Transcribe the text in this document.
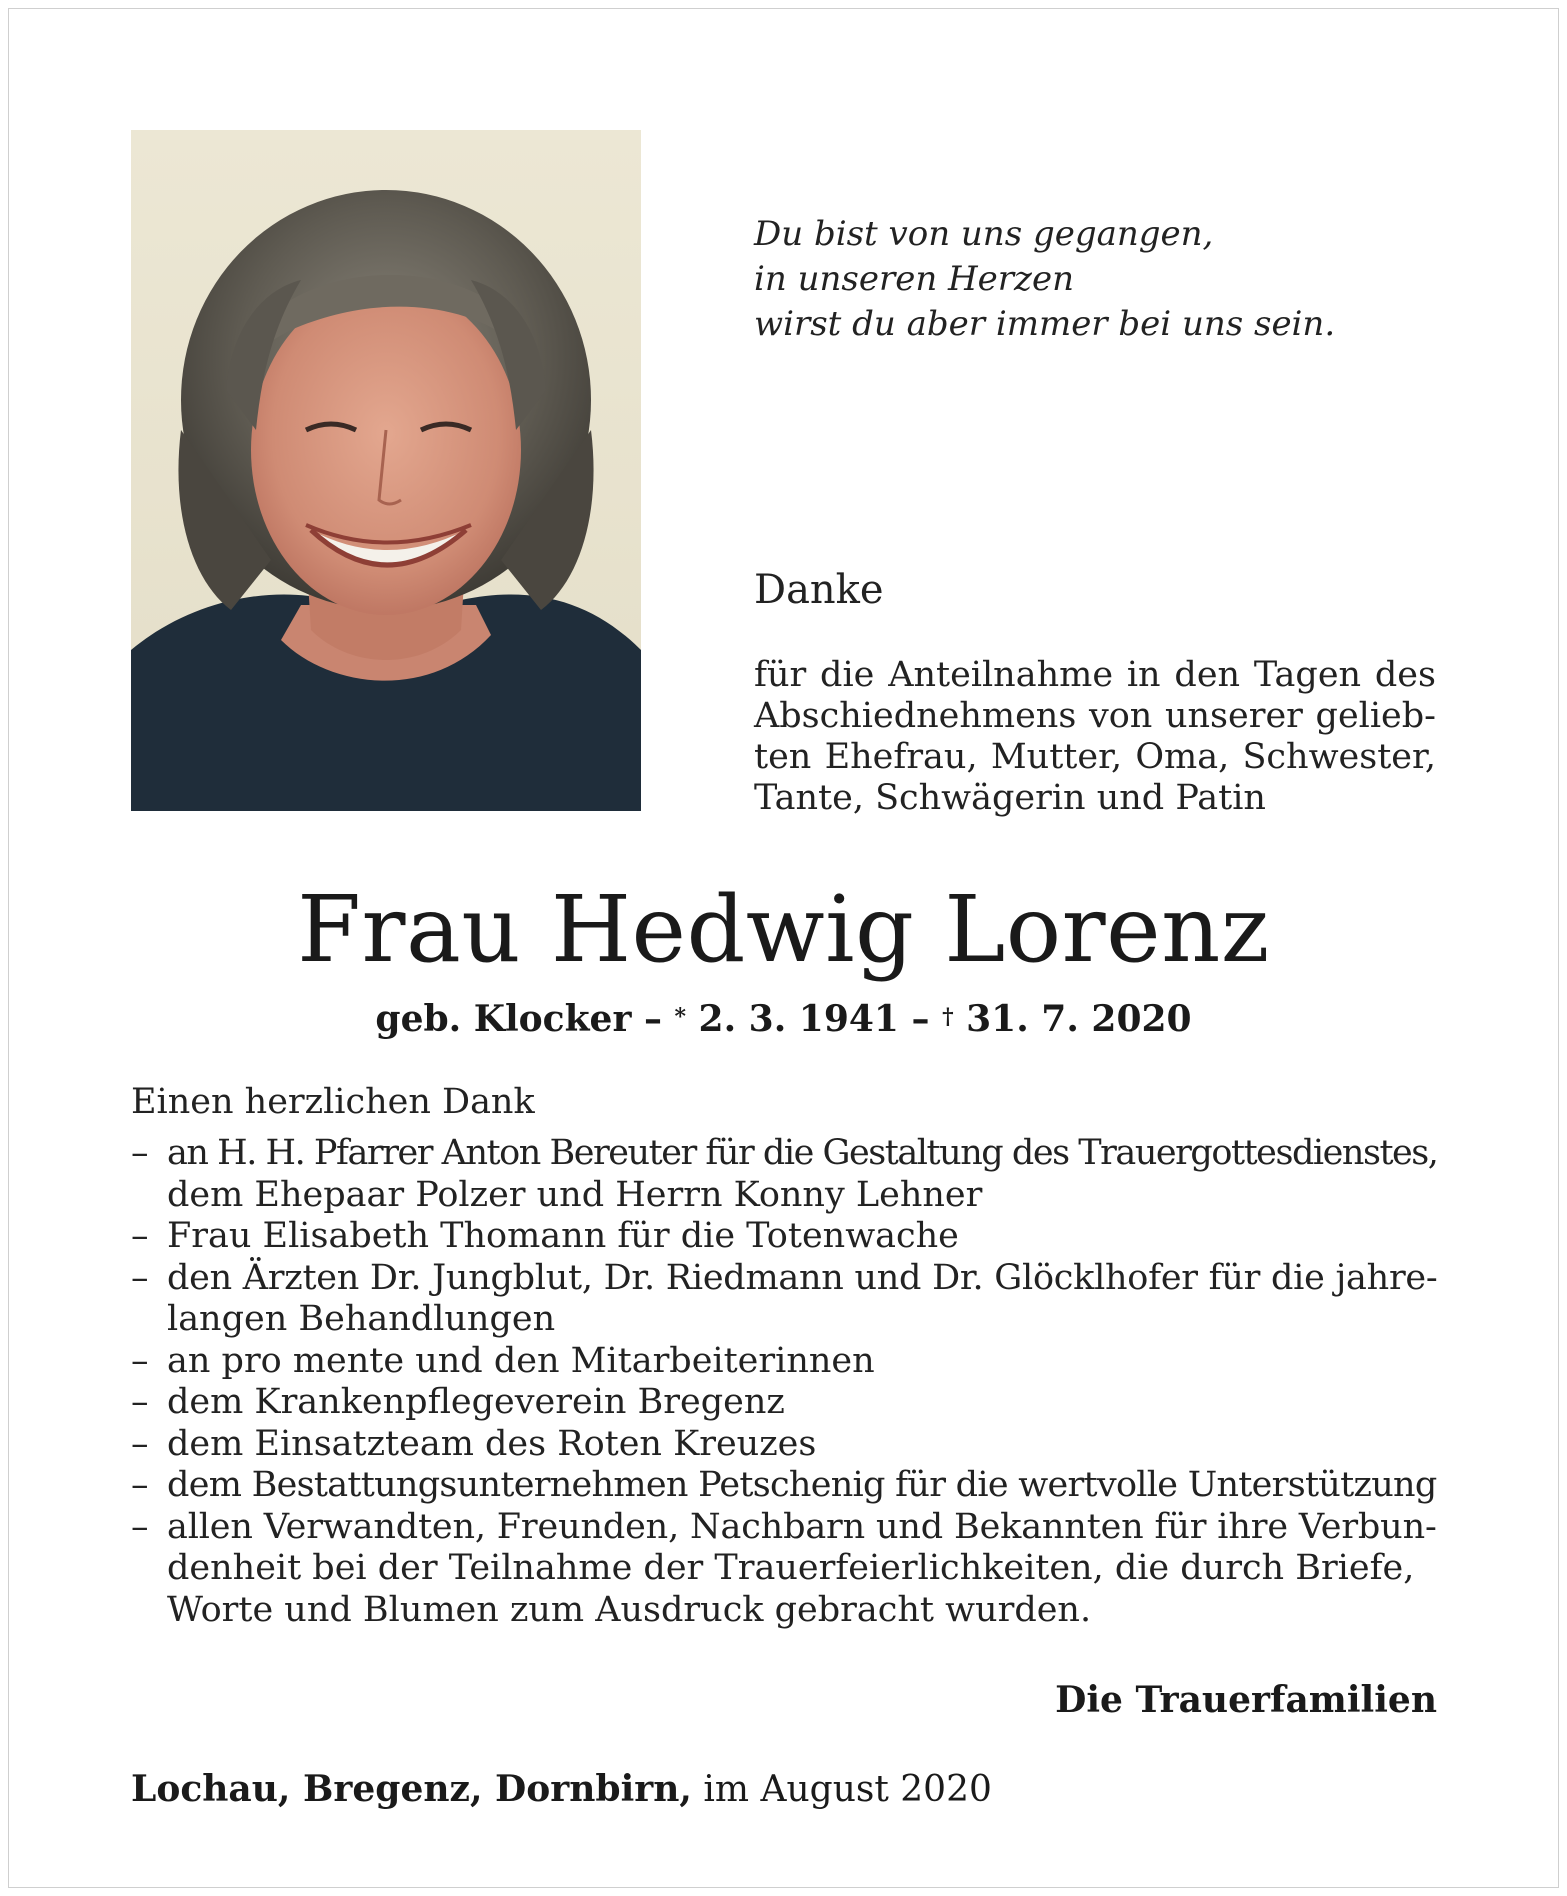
Du bist von uns gegangen,
in unseren Herzen
wirst du aber immer bei uns sein.
Danke
für die Anteilnahme in den Tagen des
Abschiednehmens von unserer gelieb-
ten Ehefrau, Mutter, Oma, Schwester,
Tante, Schwägerin und Patin
Frau Hedwig Lorenz
geb. Klocker – * 2. 3. 1941 – † 31. 7. 2020
Einen herzlichen Dank
– an H. H. Pfarrer Anton Bereuter für die Gestaltung des Trauergottesdienstes,
dem Ehepaar Polzer und Herrn Konny Lehner
– Frau Elisabeth Thomann für die Totenwache
– den Ärzten Dr. Jungblut, Dr. Riedmann und Dr. Glöcklhofer für die jahre-
langen Behandlungen
– an pro mente und den Mitarbeiterinnen
– dem Krankenpflegeverein Bregenz
– dem Einsatzteam des Roten Kreuzes
– dem Bestattungsunternehmen Petschenig für die wertvolle Unterstützung
– allen Verwandten, Freunden, Nachbarn und Bekannten für ihre Verbun-
denheit bei der Teilnahme der Trauerfeierlichkeiten, die durch Briefe,
Worte und Blumen zum Ausdruck gebracht wurden.
Die Trauerfamilien
Lochau, Bregenz, Dornbirn, im August 2020
